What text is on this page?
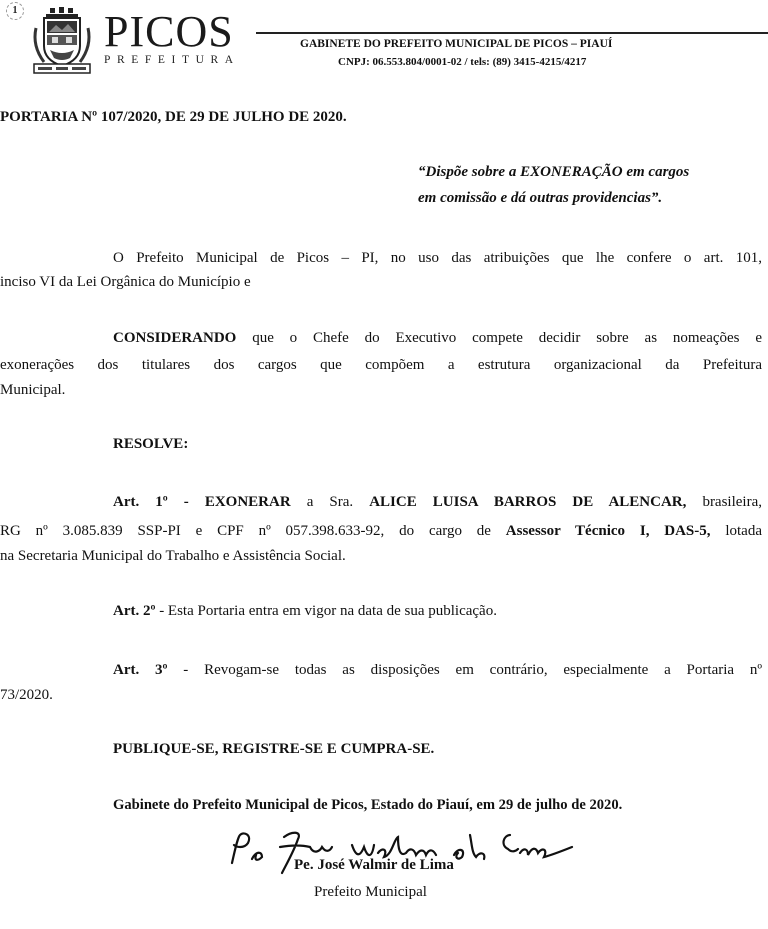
1 PICOS
PREFEITURA
GABINETE DO PREFEITO MUNICIPAL DE PICOS – PIAUÍ
CNPJ: 06.553.804/0001-02 / tels: (89) 3415-4215/4217
PORTARIA Nº 107/2020, DE 29 DE JULHO DE 2020.
“Dispõe sobre a EXONERAÇÃO em cargos
em comissão e dá outras providencias”.
O Prefeito Municipal de Picos – PI, no uso das atribuições que lhe confere o art. 101,
inciso VI da Lei Orgânica do Município e
CONSIDERANDO que o Chefe do Executivo compete decidir sobre as nomeações e
exonerações dos titulares dos cargos que compõem a estrutura organizacional da Prefeitura
Municipal.
RESOLVE:
Art. 1º - EXONERAR a Sra. ALICE LUISA BARROS DE ALENCAR, brasileira,
RG nº 3.085.839 SSP-PI e CPF nº 057.398.633-92, do cargo de Assessor Técnico I, DAS-5, lotada
na Secretaria Municipal do Trabalho e Assistência Social.
Art. 2º - Esta Portaria entra em vigor na data de sua publicação.
Art. 3º - Revogam-se todas as disposições em contrário, especialmente a Portaria nº
73/2020.
PUBLIQUE-SE, REGISTRE-SE E CUMPRA-SE.
Gabinete do Prefeito Municipal de Picos, Estado do Piauí, em 29 de julho de 2020.
Pe. José Walmir de Lima
Prefeito Municipal
